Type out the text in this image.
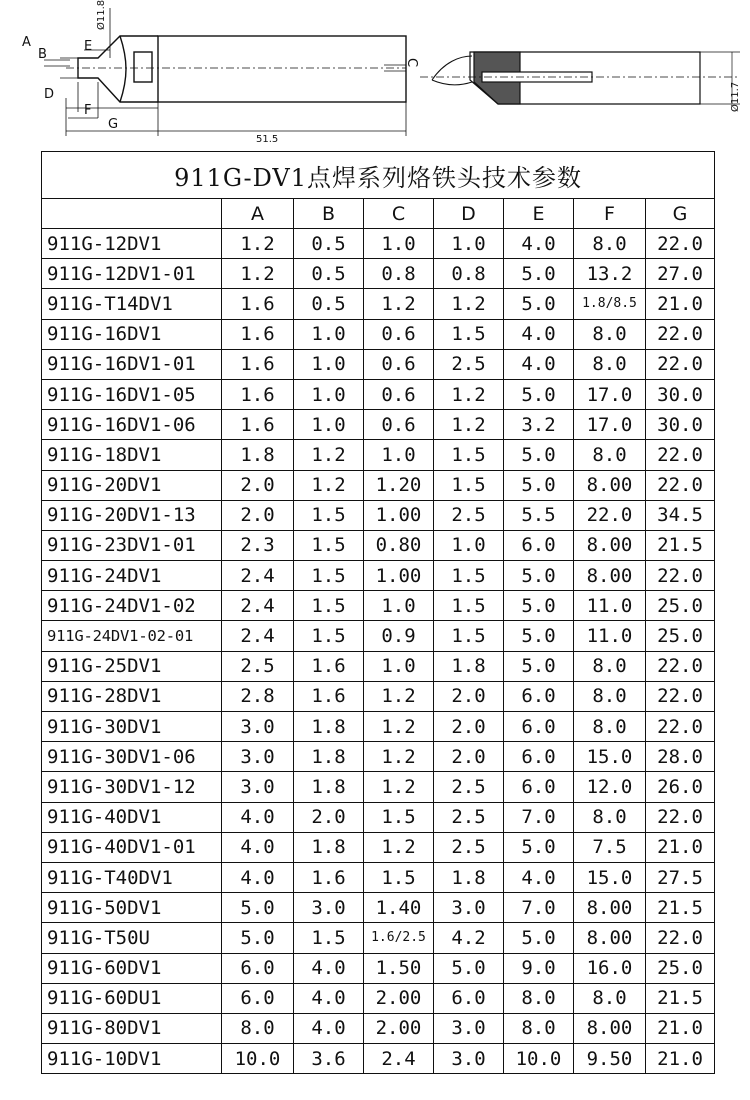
A
B
D
E
F
G
51.5
Ø11.8
C
Ø11.7
911G-DV1点焊系列烙铁头技术参数							
	A	B	C	D	E	F	G
911G-12DV1	1.2	0.5	1.0	1.0	4.0	8.0	22.0
911G-12DV1-01	1.2	0.5	0.8	0.8	5.0	13.2	27.0
911G-T14DV1	1.6	0.5	1.2	1.2	5.0	1.8/8.5	21.0
911G-16DV1	1.6	1.0	0.6	1.5	4.0	8.0	22.0
911G-16DV1-01	1.6	1.0	0.6	2.5	4.0	8.0	22.0
911G-16DV1-05	1.6	1.0	0.6	1.2	5.0	17.0	30.0
911G-16DV1-06	1.6	1.0	0.6	1.2	3.2	17.0	30.0
911G-18DV1	1.8	1.2	1.0	1.5	5.0	8.0	22.0
911G-20DV1	2.0	1.2	1.20	1.5	5.0	8.00	22.0
911G-20DV1-13	2.0	1.5	1.00	2.5	5.5	22.0	34.5
911G-23DV1-01	2.3	1.5	0.80	1.0	6.0	8.00	21.5
911G-24DV1	2.4	1.5	1.00	1.5	5.0	8.00	22.0
911G-24DV1-02	2.4	1.5	1.0	1.5	5.0	11.0	25.0
911G-24DV1-02-01	2.4	1.5	0.9	1.5	5.0	11.0	25.0
911G-25DV1	2.5	1.6	1.0	1.8	5.0	8.0	22.0
911G-28DV1	2.8	1.6	1.2	2.0	6.0	8.0	22.0
911G-30DV1	3.0	1.8	1.2	2.0	6.0	8.0	22.0
911G-30DV1-06	3.0	1.8	1.2	2.0	6.0	15.0	28.0
911G-30DV1-12	3.0	1.8	1.2	2.5	6.0	12.0	26.0
911G-40DV1	4.0	2.0	1.5	2.5	7.0	8.0	22.0
911G-40DV1-01	4.0	1.8	1.2	2.5	5.0	7.5	21.0
911G-T40DV1	4.0	1.6	1.5	1.8	4.0	15.0	27.5
911G-50DV1	5.0	3.0	1.40	3.0	7.0	8.00	21.5
911G-T50U	5.0	1.5	1.6/2.5	4.2	5.0	8.00	22.0
911G-60DV1	6.0	4.0	1.50	5.0	9.0	16.0	25.0
911G-60DU1	6.0	4.0	2.00	6.0	8.0	8.0	21.5
911G-80DV1	8.0	4.0	2.00	3.0	8.0	8.00	21.0
911G-10DV1	10.0	3.6	2.4	3.0	10.0	9.50	21.0
